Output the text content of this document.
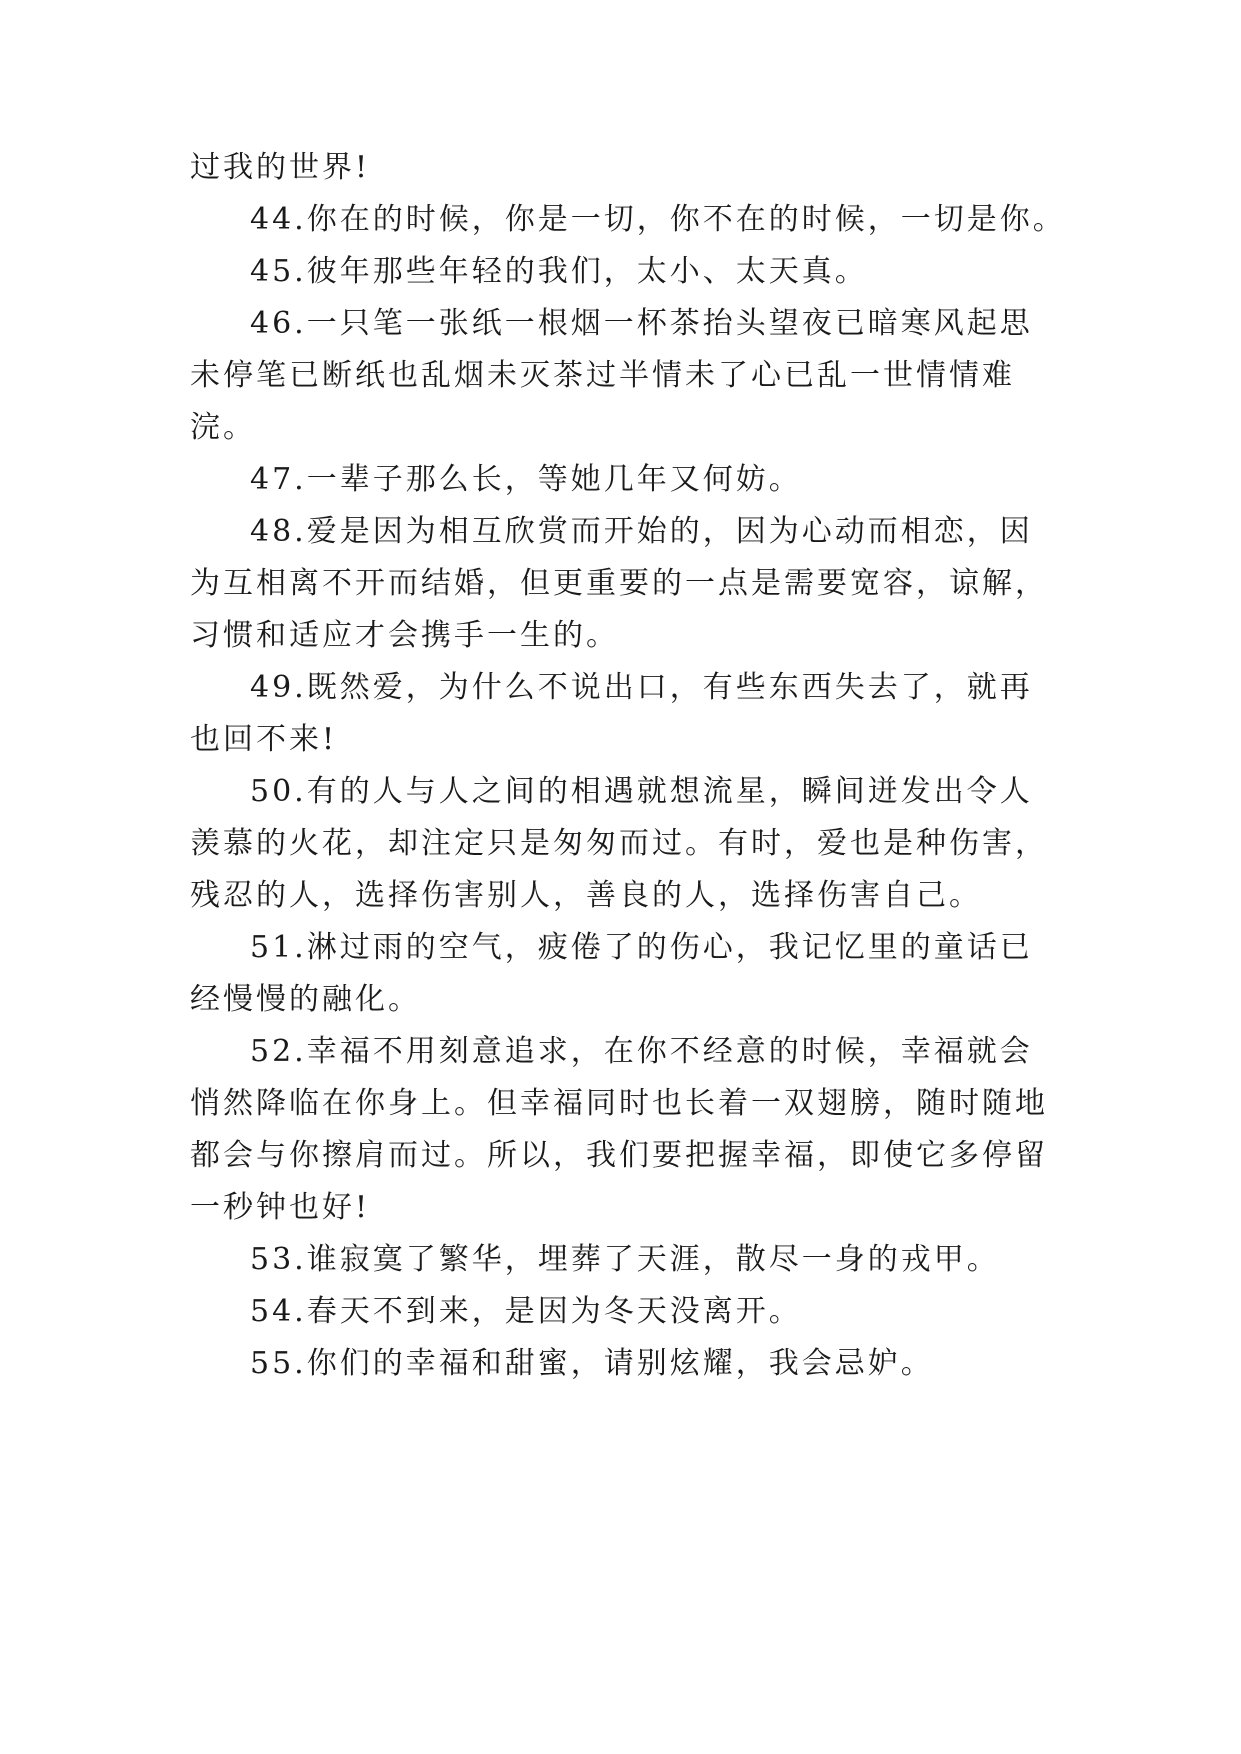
过我的世界!
44.你在的时候，你是一切，你不在的时候，一切是你。
45.彼年那些年轻的我们，太小、太天真。
46.一只笔一张纸一根烟一杯茶抬头望夜已暗寒风起思
未停笔已断纸也乱烟未灭茶过半情未了心已乱一世情情难
浣。
47.一辈子那么长，等她几年又何妨。
48.爱是因为相互欣赏而开始的，因为心动而相恋，因
为互相离不开而结婚，但更重要的一点是需要宽容，谅解，
习惯和适应才会携手一生的。
49.既然爱，为什么不说出口，有些东西失去了，就再
也回不来!
50.有的人与人之间的相遇就想流星，瞬间迸发出令人
羡慕的火花，却注定只是匆匆而过。有时，爱也是种伤害，
残忍的人，选择伤害别人，善良的人，选择伤害自己。
51.淋过雨的空气，疲倦了的伤心，我记忆里的童话已
经慢慢的融化。
52.幸福不用刻意追求，在你不经意的时候，幸福就会
悄然降临在你身上。但幸福同时也长着一双翅膀，随时随地
都会与你擦肩而过。所以，我们要把握幸福，即使它多停留
一秒钟也好!
53.谁寂寞了繁华，埋葬了天涯，散尽一身的戎甲。
54.春天不到来，是因为冬天没离开。
55.你们的幸福和甜蜜，请别炫耀，我会忌妒。
